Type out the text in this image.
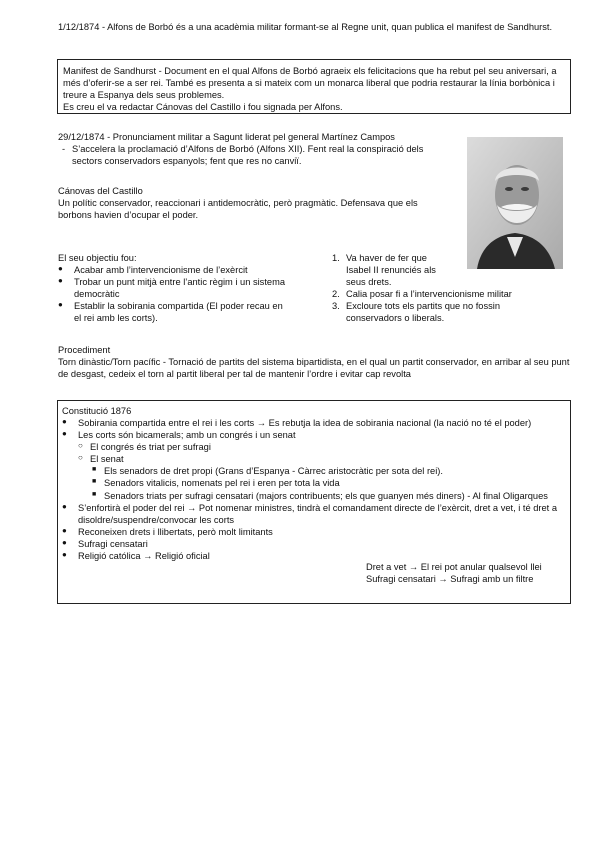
1/12/1874 - Alfons de Borbó és a una acadèmia militar formant-se al Regne unit, quan publica el manifest de Sandhurst.
Manifest de Sandhurst - Document en el qual Alfons de Borbó agraeix els felicitacions que ha rebut pel seu aniversari, a més d’oferir-se a ser rei. També es presenta a si mateix com un monarca liberal que podria restaurar la línia borbònica i treure a Espanya dels seus problemes.
Es creu el va redactar Cánovas del Castillo i fou signada per Alfons.
29/12/1874 - Pronunciament militar a Sagunt liderat pel general Martínez Campos
- S’accelera la proclamació d’Alfons de Borbó (Alfons XII). Fent real la conspiració dels sectors conservadors espanyols; fent que res no canviï.
Cánovas del Castillo
Un polític conservador, reaccionari i antidemocràtic, però pragmàtic. Defensava que els borbons havien d’ocupar el poder.
El seu objectiu fou:
● Acabar amb l’intervencionisme de l’exèrcit
● Trobar un punt mitjà entre l’antic règim i un sistema democràtic
● Establir la sobirania compartida (El poder recau en el rei amb les corts).
1. Va haver de fer que Isabel II renunciés als seus drets.
2. Calia posar fi a l’intervencionisme militar
3. Excloure tots els partits que no fossin conservadors o liberals.
Procediment
Torn dinàstic/Torn pacífic - Tornació de partits del sistema bipartidista, en el qual un partit conservador, en arribar al seu punt de desgast, cedeix el torn al partit liberal per tal de mantenir l’ordre i evitar cap revolta
Constitució 1876
● Sobirania compartida entre el rei i les corts → Es rebutja la idea de sobirania nacional (la nació no té el poder)
● Les corts són bicamerals; amb un congrés i un senat
○ El congrés és triat per sufragi
○ El senat
■ Els senadors de dret propi (Grans d’Espanya - Càrrec aristocràtic per sota del rei).
■ Senadors vitalicis, nomenats pel rei i eren per tota la vida
■ Senadors triats per sufragi censatari (majors contribuents; els que guanyen més diners) - Al final Oligarques
● S’enfortirà el poder del rei → Pot nomenar ministres, tindrà el comandament directe de l’exèrcit, dret a vet, i té dret a disoldre/suspendre/convocar les corts
● Reconeixen drets i llibertats, però molt limitants
● Sufragi censatari
● Religió católica → Religió oficial
Dret a vet → El rei pot anular qualsevol llei
Sufragi censatari → Sufragi amb un filtre
